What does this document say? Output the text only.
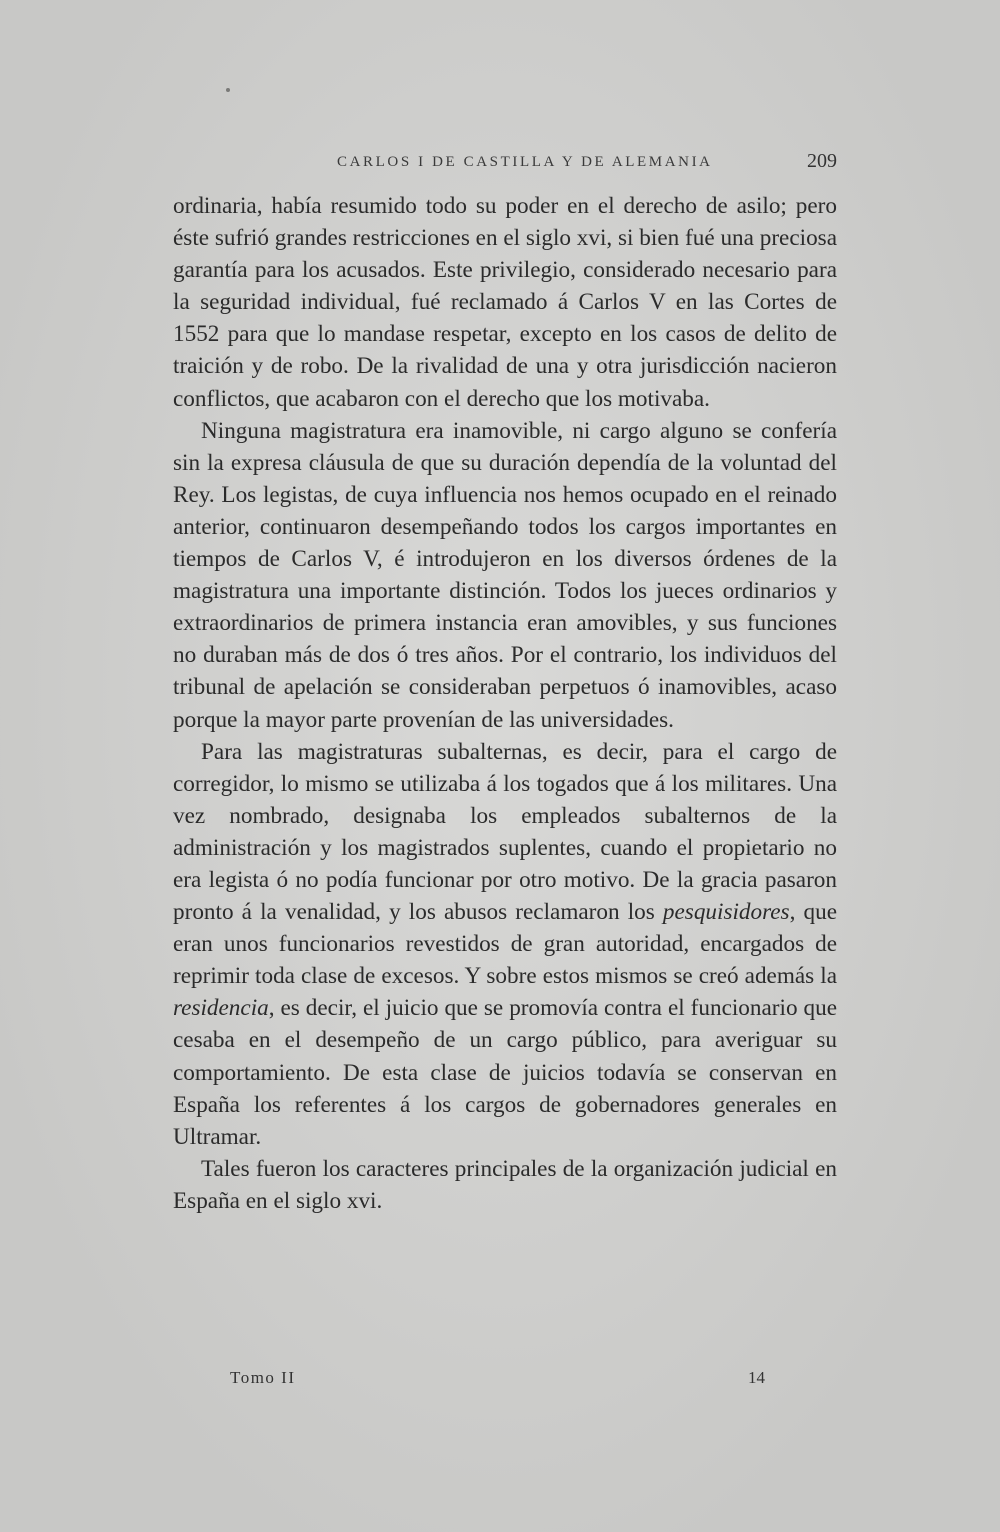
CARLOS I DE CASTILLA Y DE ALEMANIA	209

ordinaria, había resumido todo su poder en el derecho de asilo; pero éste sufrió grandes restricciones en el siglo xvi, si bien fué una preciosa garantía para los acusados. Este privilegio, considerado necesario para la seguridad individual, fué reclamado á Carlos V en las Cortes de 1552 para que lo mandase respetar, excepto en los casos de delito de traición y de robo. De la rivalidad de una y otra jurisdicción nacieron conflictos, que acabaron con el derecho que los motivaba.

Ninguna magistratura era inamovible, ni cargo alguno se confería sin la expresa cláusula de que su duración dependía de la voluntad del Rey. Los legistas, de cuya influencia nos hemos ocupado en el reinado anterior, continuaron desempeñando todos los cargos importantes en tiempos de Carlos V, é introdujeron en los diversos órdenes de la magistratura una importante distinción. Todos los jueces ordinarios y extraordinarios de primera instancia eran amovibles, y sus funciones no duraban más de dos ó tres años. Por el contrario, los individuos del tribunal de apelación se consideraban perpetuos ó inamovibles, acaso porque la mayor parte provenían de las universidades.

Para las magistraturas subalternas, es decir, para el cargo de corregidor, lo mismo se utilizaba á los togados que á los militares. Una vez nombrado, designaba los empleados subalternos de la administración y los magistrados suplentes, cuando el propietario no era legista ó no podía funcionar por otro motivo. De la gracia pasaron pronto á la venalidad, y los abusos reclamaron los pesquisidores, que eran unos funcionarios revestidos de gran autoridad, encargados de reprimir toda clase de excesos. Y sobre estos mismos se creó además la residencia, es decir, el juicio que se promovía contra el funcionario que cesaba en el desempeño de un cargo público, para averiguar su comportamiento. De esta clase de juicios todavía se conservan en España los referentes á los cargos de gobernadores generales en Ultramar.

Tales fueron los caracteres principales de la organización judicial en España en el siglo xvi.

Tomo II	14
